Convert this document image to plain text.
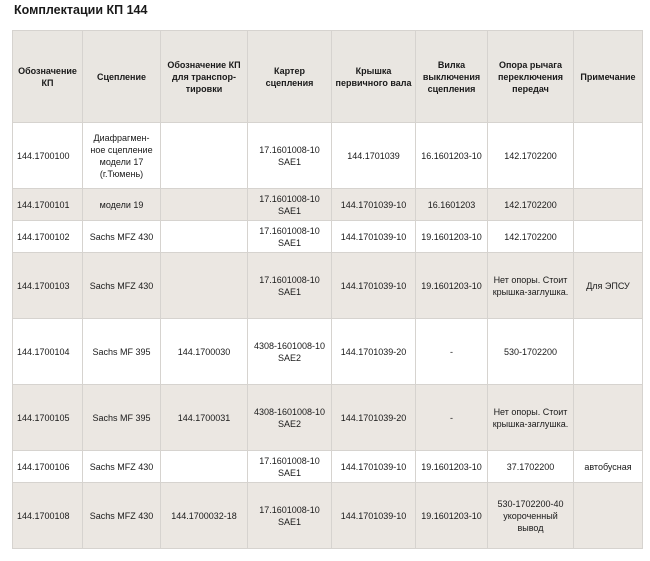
Комплектации КП 144
Обозначение КП	Сцепление	Обозначение КП для транспор- тировки	Картер сцепления	Крышка первичного вала	Вилка выключения сцепления	Опора рычага переключения передач	Примечание
144.1700100	Диафрагмен- ное сцепление модели 17 (г.Тюмень)		17.1601008-10 SAE1	144.1701039	16.1601203-10	142.1702200	
144.1700101	модели 19		17.1601008-10 SAE1	144.1701039-10	16.1601203	142.1702200	
144.1700102	Sachs MFZ 430		17.1601008-10 SAE1	144.1701039-10	19.1601203-10	142.1702200	
144.1700103	Sachs MFZ 430		17.1601008-10 SAE1	144.1701039-10	19.1601203-10	Нет опоры. Стоит крышка-заглушка.	Для ЭПСУ
144.1700104	Sachs MF 395	144.1700030	4308-1601008-10 SAE2	144.1701039-20	-	530-1702200	
144.1700105	Sachs MF 395	144.1700031	4308-1601008-10 SAE2	144.1701039-20	-	Нет опоры. Стоит крышка-заглушка.	
144.1700106	Sachs MFZ 430		17.1601008-10 SAE1	144.1701039-10	19.1601203-10	37.1702200	автобусная
144.1700108	Sachs MFZ 430	144.1700032-18	17.1601008-10 SAE1	144.1701039-10	19.1601203-10	530-1702200-40 укороченный вывод	
